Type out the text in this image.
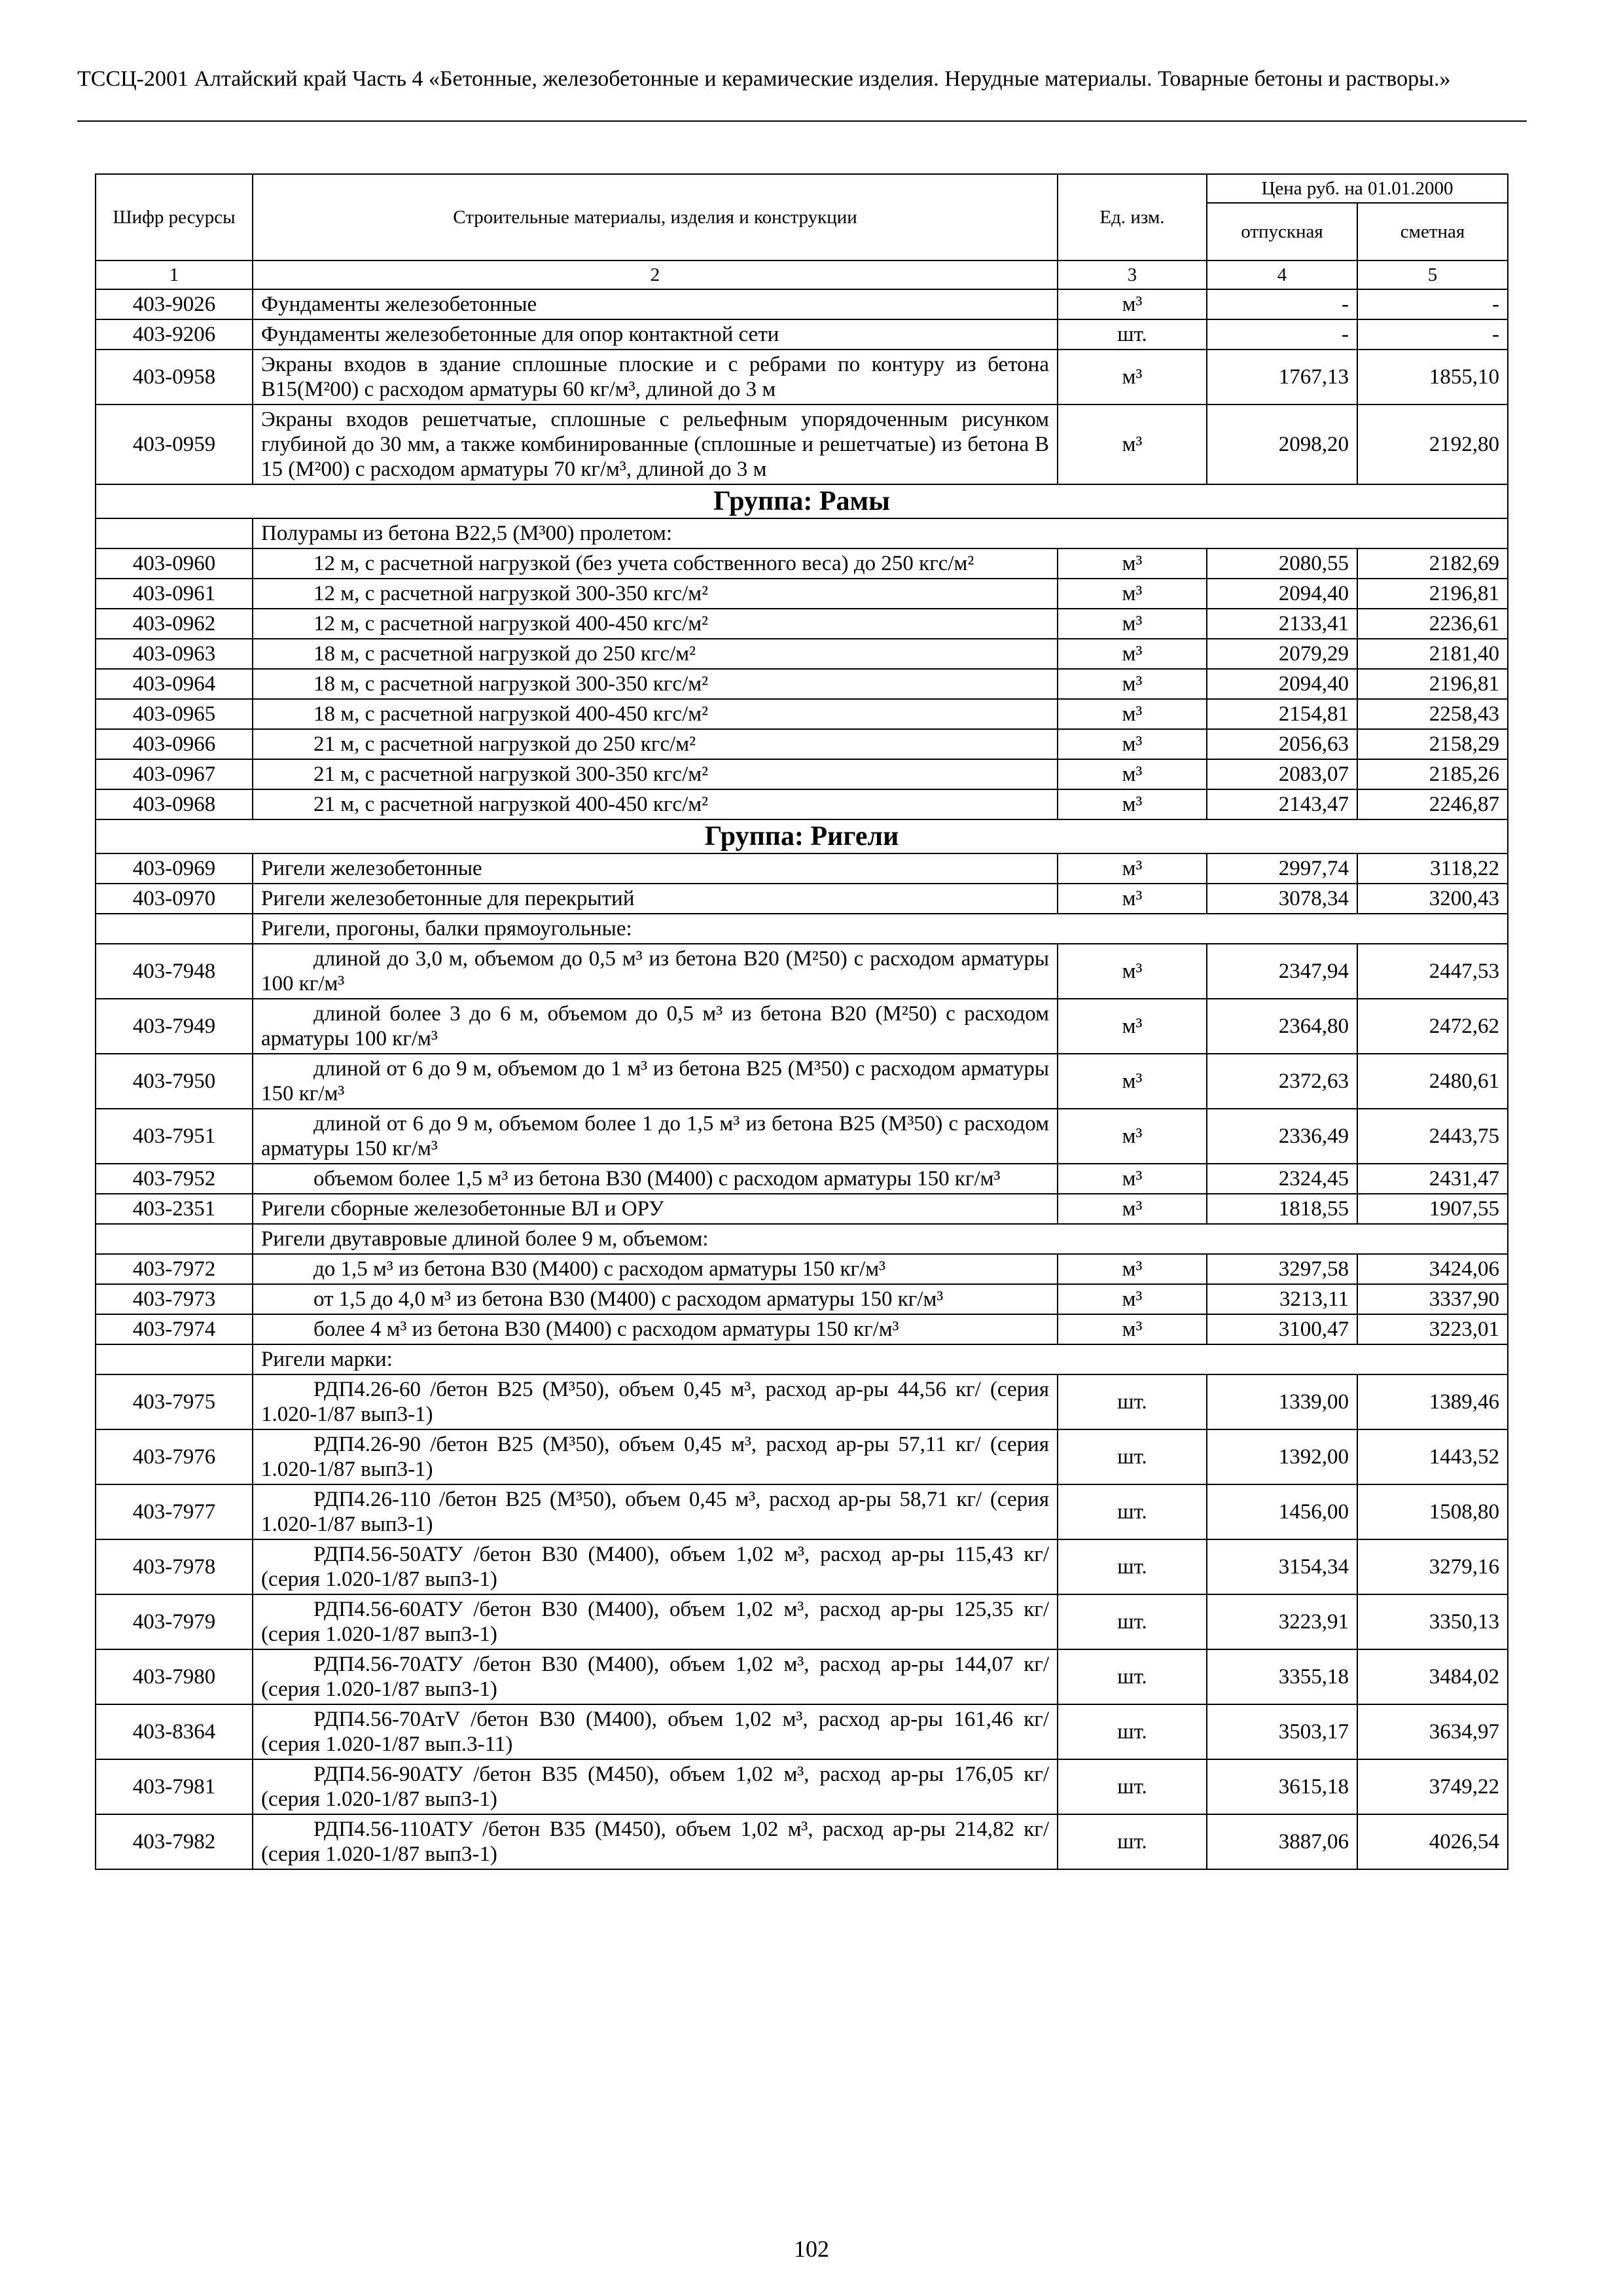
ТССЦ-2001 Алтайский край Часть 4 «Бетонные, железобетонные и керамические изделия. Нерудные материалы. Товарные бетоны и растворы.»
Шифр ресурсы	Строительные материалы, изделия и конструкции	Ед. изм.	Цена руб. на 01.01.2000	
			отпускная	сметная
1	2	3	4	5
403-9026	Фундаменты железобетонные	м³	-	-
403-9206	Фундаменты железобетонные для опор контактной сети	шт.	-	-
403-0958	Экраны входов в здание сплошные плоские и с ребрами по контуру из бетона В15(М²00) с расходом арматуры 60 кг/м³, длиной до 3 м	м³	1767,13	1855,10
403-0959	Экраны входов решетчатые, сплошные с рельефным упорядоченным рисунком глубиной до 30 мм, а также комбинированные (сплошные и решетчатые) из бетона В 15 (М²00) с расходом арматуры 70 кг/м³, длиной до 3 м	м³	2098,20	2192,80
Группа: Рамы				
	Полурамы из бетона В22,5 (М³00) пролетом:			
403-0960	12 м, с расчетной нагрузкой (без учета собственного веса) до 250 кгс/м²	м³	2080,55	2182,69
403-0961	12 м, с расчетной нагрузкой 300-350 кгс/м²	м³	2094,40	2196,81
403-0962	12 м, с расчетной нагрузкой 400-450 кгс/м²	м³	2133,41	2236,61
403-0963	18 м, с расчетной нагрузкой до 250 кгс/м²	м³	2079,29	2181,40
403-0964	18 м, с расчетной нагрузкой 300-350 кгс/м²	м³	2094,40	2196,81
403-0965	18 м, с расчетной нагрузкой 400-450 кгс/м²	м³	2154,81	2258,43
403-0966	21 м, с расчетной нагрузкой до 250 кгс/м²	м³	2056,63	2158,29
403-0967	21 м, с расчетной нагрузкой 300-350 кгс/м²	м³	2083,07	2185,26
403-0968	21 м, с расчетной нагрузкой 400-450 кгс/м²	м³	2143,47	2246,87
Группа: Ригели				
403-0969	Ригели железобетонные	м³	2997,74	3118,22
403-0970	Ригели железобетонные для перекрытий	м³	3078,34	3200,43
	Ригели, прогоны, балки прямоугольные:			
403-7948	длиной до 3,0 м, объемом до 0,5 м³ из бетона В20 (М²50) с расходом арматуры 100 кг/м³	м³	2347,94	2447,53
403-7949	длиной более 3 до 6 м, объемом до 0,5 м³ из бетона В20 (М²50) с расходом арматуры 100 кг/м³	м³	2364,80	2472,62
403-7950	длиной от 6 до 9 м, объемом до 1 м³ из бетона В25 (М³50) с расходом арматуры 150 кг/м³	м³	2372,63	2480,61
403-7951	длиной от 6 до 9 м, объемом более 1 до 1,5 м³ из бетона В25 (М³50) с расходом арматуры 150 кг/м³	м³	2336,49	2443,75
403-7952	объемом более 1,5 м³ из бетона В30 (М400) с расходом арматуры 150 кг/м³	м³	2324,45	2431,47
403-2351	Ригели сборные железобетонные ВЛ и ОРУ	м³	1818,55	1907,55
	Ригели двутавровые длиной более 9 м, объемом:			
403-7972	до 1,5 м³ из бетона В30 (М400) с расходом арматуры 150 кг/м³	м³	3297,58	3424,06
403-7973	от 1,5 до 4,0 м³ из бетона В30 (М400) с расходом арматуры 150 кг/м³	м³	3213,11	3337,90
403-7974	более 4 м³ из бетона В30 (М400) с расходом арматуры 150 кг/м³	м³	3100,47	3223,01
	Ригели марки:			
403-7975	РДП4.26-60 /бетон В25 (М³50), объем 0,45 м³, расход ар-ры 44,56 кг/ (серия 1.020-1/87 вып3-1)	шт.	1339,00	1389,46
403-7976	РДП4.26-90 /бетон В25 (М³50), объем 0,45 м³, расход ар-ры 57,11 кг/ (серия 1.020-1/87 вып3-1)	шт.	1392,00	1443,52
403-7977	РДП4.26-110 /бетон В25 (М³50), объем 0,45 м³, расход ар-ры 58,71 кг/ (серия 1.020-1/87 вып3-1)	шт.	1456,00	1508,80
403-7978	РДП4.56-50АТУ /бетон В30 (М400), объем 1,02 м³, расход ар-ры 115,43 кг/ (серия 1.020-1/87 вып3-1)	шт.	3154,34	3279,16
403-7979	РДП4.56-60АТУ /бетон В30 (М400), объем 1,02 м³, расход ар-ры 125,35 кг/ (серия 1.020-1/87 вып3-1)	шт.	3223,91	3350,13
403-7980	РДП4.56-70АТУ /бетон В30 (М400), объем 1,02 м³, расход ар-ры 144,07 кг/ (серия 1.020-1/87 вып3-1)	шт.	3355,18	3484,02
403-8364	РДП4.56-70АтV /бетон В30 (М400), объем 1,02 м³, расход ар-ры 161,46 кг/ (серия 1.020-1/87 вып.3-11)	шт.	3503,17	3634,97
403-7981	РДП4.56-90АТУ /бетон В35 (М450), объем 1,02 м³, расход ар-ры 176,05 кг/ (серия 1.020-1/87 вып3-1)	шт.	3615,18	3749,22
403-7982	РДП4.56-110АТУ /бетон В35 (М450), объем 1,02 м³, расход ар-ры 214,82 кг/ (серия 1.020-1/87 вып3-1)	шт.	3887,06	4026,54
102
